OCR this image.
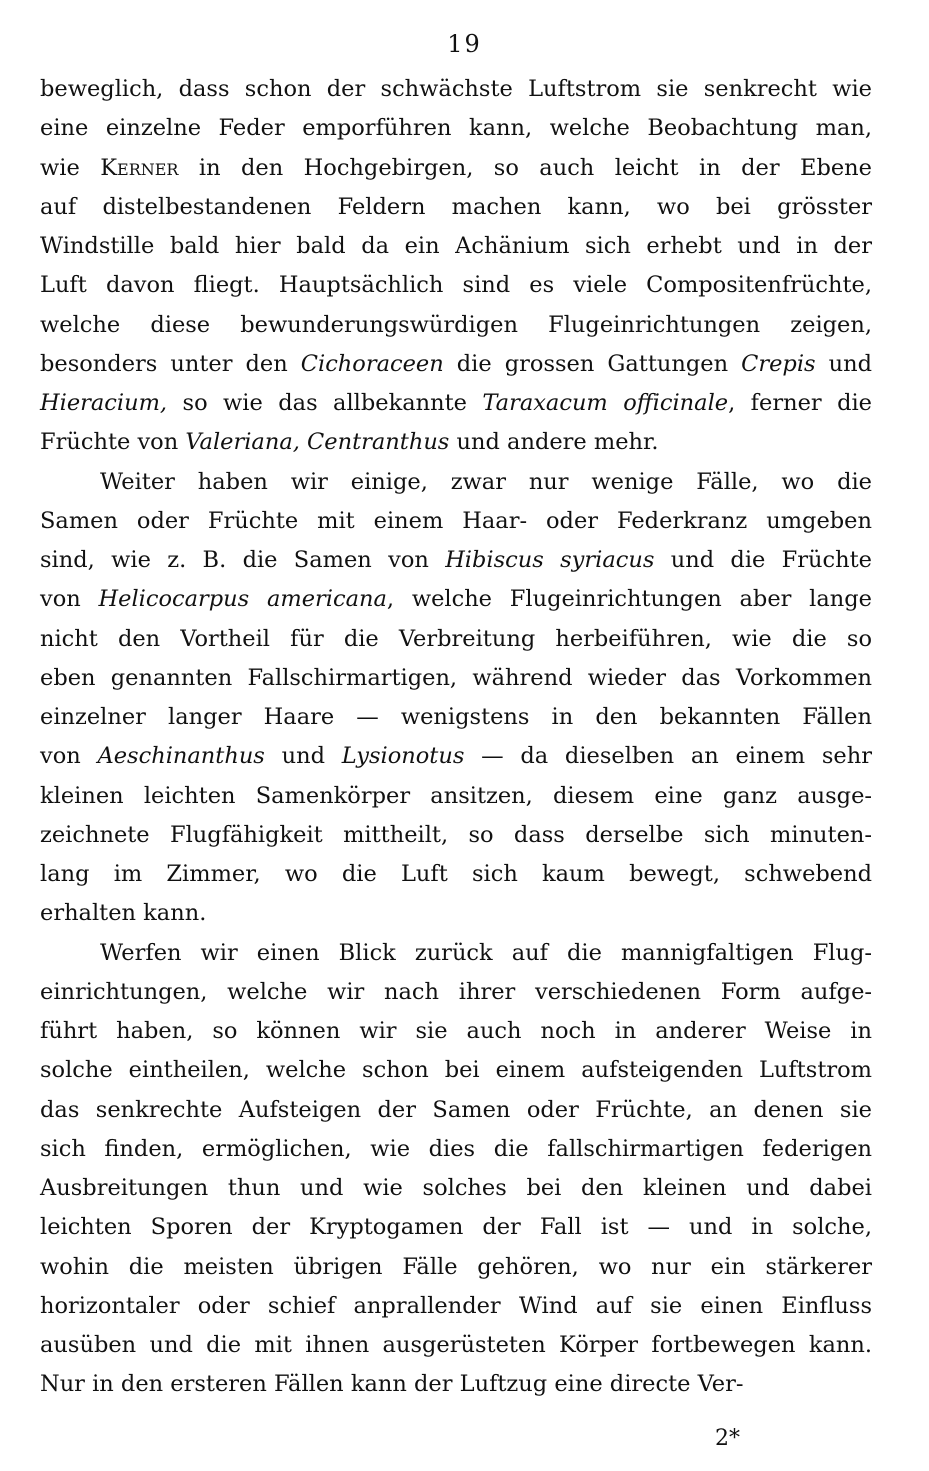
19
beweglich, dass schon der schwächste Luftstrom sie senkrecht wie
eine einzelne Feder emporführen kann, welche Beobachtung man,
wie Kerner in den Hochgebirgen, so auch leicht in der Ebene
auf distelbestandenen Feldern machen kann, wo bei grösster
Windstille bald hier bald da ein Achänium sich erhebt und in der
Luft davon fliegt. Hauptsächlich sind es viele Compositenfrüchte,
welche diese bewunderungswürdigen Flugeinrichtungen zeigen,
besonders unter den Cichoraceen die grossen Gattungen Crepis und
Hieracium, so wie das allbekannte Taraxacum officinale, ferner die
Früchte von Valeriana, Centranthus und andere mehr.
Weiter haben wir einige, zwar nur wenige Fälle, wo die
Samen oder Früchte mit einem Haar- oder Federkranz umgeben
sind, wie z. B. die Samen von Hibiscus syriacus und die Früchte
von Helicocarpus americana, welche Flugeinrichtungen aber lange
nicht den Vortheil für die Verbreitung herbeiführen, wie die so
eben genannten Fallschirmartigen, während wieder das Vorkommen
einzelner langer Haare — wenigstens in den bekannten Fällen
von Aeschinanthus und Lysionotus — da dieselben an einem sehr
kleinen leichten Samenkörper ansitzen, diesem eine ganz ausge-
zeichnete Flugfähigkeit mittheilt, so dass derselbe sich minuten-
lang im Zimmer, wo die Luft sich kaum bewegt, schwebend
erhalten kann.
Werfen wir einen Blick zurück auf die mannigfaltigen Flug-
einrichtungen, welche wir nach ihrer verschiedenen Form aufge-
führt haben, so können wir sie auch noch in anderer Weise in
solche eintheilen, welche schon bei einem aufsteigenden Luftstrom
das senkrechte Aufsteigen der Samen oder Früchte, an denen sie
sich finden, ermöglichen, wie dies die fallschirmartigen federigen
Ausbreitungen thun und wie solches bei den kleinen und dabei
leichten Sporen der Kryptogamen der Fall ist — und in solche,
wohin die meisten übrigen Fälle gehören, wo nur ein stärkerer
horizontaler oder schief anprallender Wind auf sie einen Einfluss
ausüben und die mit ihnen ausgerüsteten Körper fortbewegen kann.
Nur in den ersteren Fällen kann der Luftzug eine directe Ver-
2*
